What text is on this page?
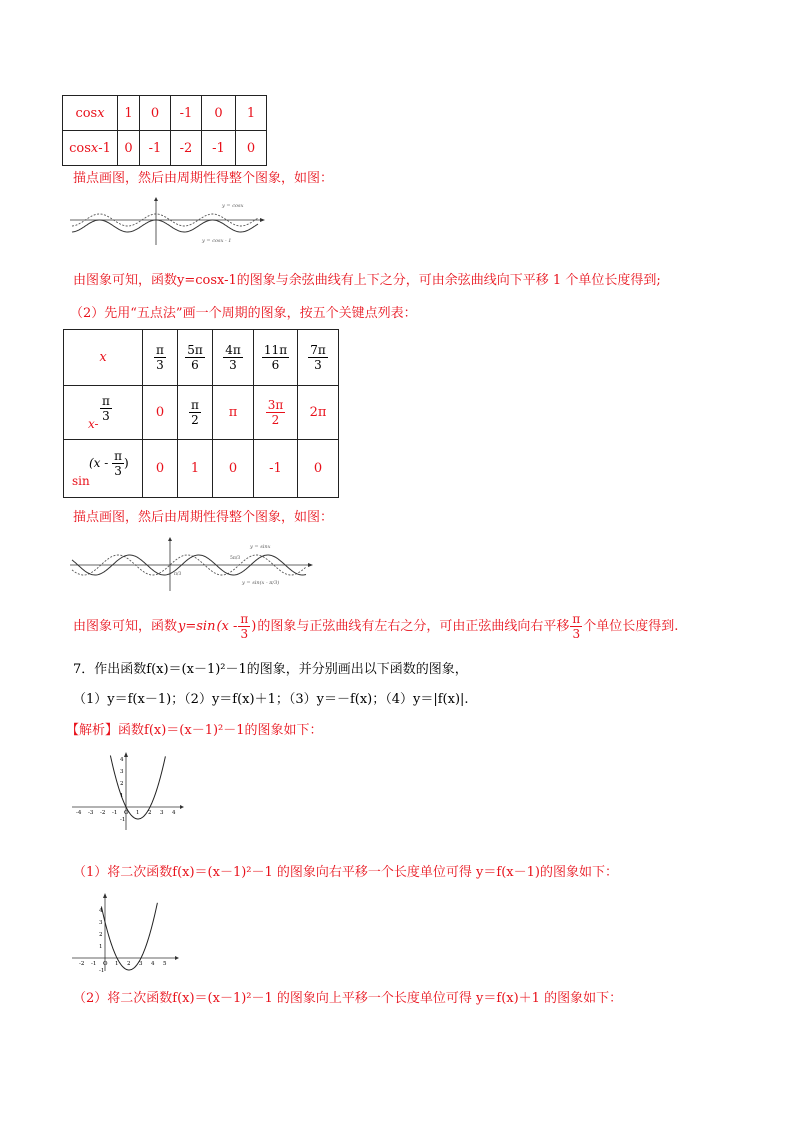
cosx	1	0	-1	0	1
cosx-1	0	-1	-2	-1	0
描点画图，然后由周期性得整个图象，如图：
y = cosx
y = cosx - 1
由图象可知，函数y=cosx-1的图象与余弦曲线有上下之分，可由余弦曲线向下平移 1 个单位长度得到;
（2）先用“五点法”画一个周期的图象，按五个关键点列表：
x	$\frac{\pi}{3}$	$\frac{5\pi}{6}$	$\frac{4\pi}{3}$	$\frac{11\pi}{6}$	$\frac{7\pi}{3}$

$\frac{\pi}{3}$
x-	0	$\frac{\pi}{2}$	π	$\frac{3\pi}{2}$	2π

sin
($x - \frac{\pi}{3}$ )	0	1	0	-1	0
描点画图，然后由周期性得整个图象，如图：
y = sinx
y = sin(x - π/3)
π/3
5π/3
由图象可知，函数 y=sin ($x - \frac{\pi}{3}$ ) 的图象与正弦曲线有左右之分，可由正弦曲线向右平移 $\frac{\pi}{3}$ 个单位长度得到.
7．作出函数f(x)＝(x－1)²－1的图象，并分别画出以下函数的图象，
（1）y＝f(x－1)；（2）y＝f(x)＋1；（3）y＝－f(x)；（4）y＝|f(x)|.
【解析】函数f(x)＝(x－1)²－1的图象如下：
-4 -3 -2 -1 O 1 2 3 4
4
3
2
1
-1
（1）将二次函数f(x)＝(x－1)²－1 的图象向右平移一个长度单位可得 y＝f(x－1)的图象如下：
-2 -1 O 1 2 3 4 5
4
3
2
1
-1
（2）将二次函数f(x)＝(x－1)²－1 的图象向上平移一个长度单位可得 y＝f(x)＋1 的图象如下：
